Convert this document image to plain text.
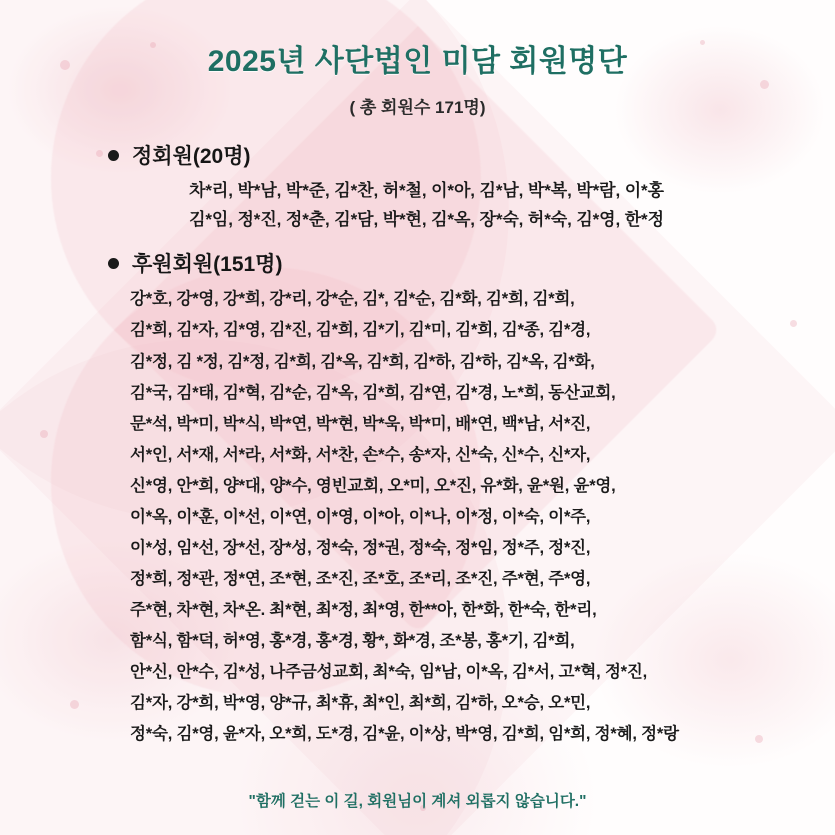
2025년 사단법인 미담 회원명단
( 총 회원수 171명)
정회원(20명)
차*리, 박*남, 박*준, 김*찬, 허*철, 이*아, 김*남, 박*복, 박*람, 이*홍
김*임, 정*진, 정*춘, 김*담, 박*현, 김*옥, 장*숙, 허*숙, 김*영, 한*정
후원회원(151명)
강*호, 강*영, 강*희, 강*리, 강*순, 김*, 김*순, 김*화, 김*희, 김*희,
김*희, 김*자, 김*영, 김*진, 김*희, 김*기, 김*미, 김*희, 김*종, 김*경,
김*정, 김 *정, 김*정, 김*희, 김*옥, 김*희, 김*하, 김*하, 김*옥, 김*화,
김*국, 김*태, 김*혁, 김*순, 김*옥, 김*희, 김*연, 김*경, 노*희, 동산교회,
문*석, 박*미, 박*식, 박*연, 박*현, 박*욱, 박*미, 배*연, 백*남, 서*진,
서*인, 서*재, 서*라, 서*화, 서*찬, 손*수, 송*자, 신*숙, 신*수, 신*자,
신*영, 안*희, 양*대, 양*수, 영빈교회, 오*미, 오*진, 유*화, 윤*원, 윤*영,
이*옥, 이*훈, 이*선, 이*연, 이*영, 이*아, 이*나, 이*정, 이*숙, 이*주,
이*성, 임*선, 장*선, 장*성, 정*숙, 정*권, 정*숙, 정*임, 정*주, 정*진,
정*희, 정*관, 정*연, 조*현, 조*진, 조*호, 조*리, 조*진, 주*현, 주*영,
주*현, 차*현, 차*온. 최*현, 최*정, 최*영, 한**아, 한*화, 한*숙, 한*리,
함*식, 함*덕, 허*영, 홍*경, 홍*경, 황*, 화*경, 조*봉, 홍*기, 김*희,
안*신, 안*수, 김*성, 나주금성교회, 최*숙, 임*남, 이*옥, 김*서, 고*혁, 정*진,
김*자, 강*희, 박*영, 양*규, 최*휴, 최*인, 최*희, 김*하, 오*승, 오*민,
정*숙, 김*영, 윤*자, 오*희, 도*경, 김*윤, 이*상, 박*영, 김*희, 임*희, 정*혜, 정*랑
"함께 걷는 이 길, 회원님이 계셔 외롭지 않습니다."
